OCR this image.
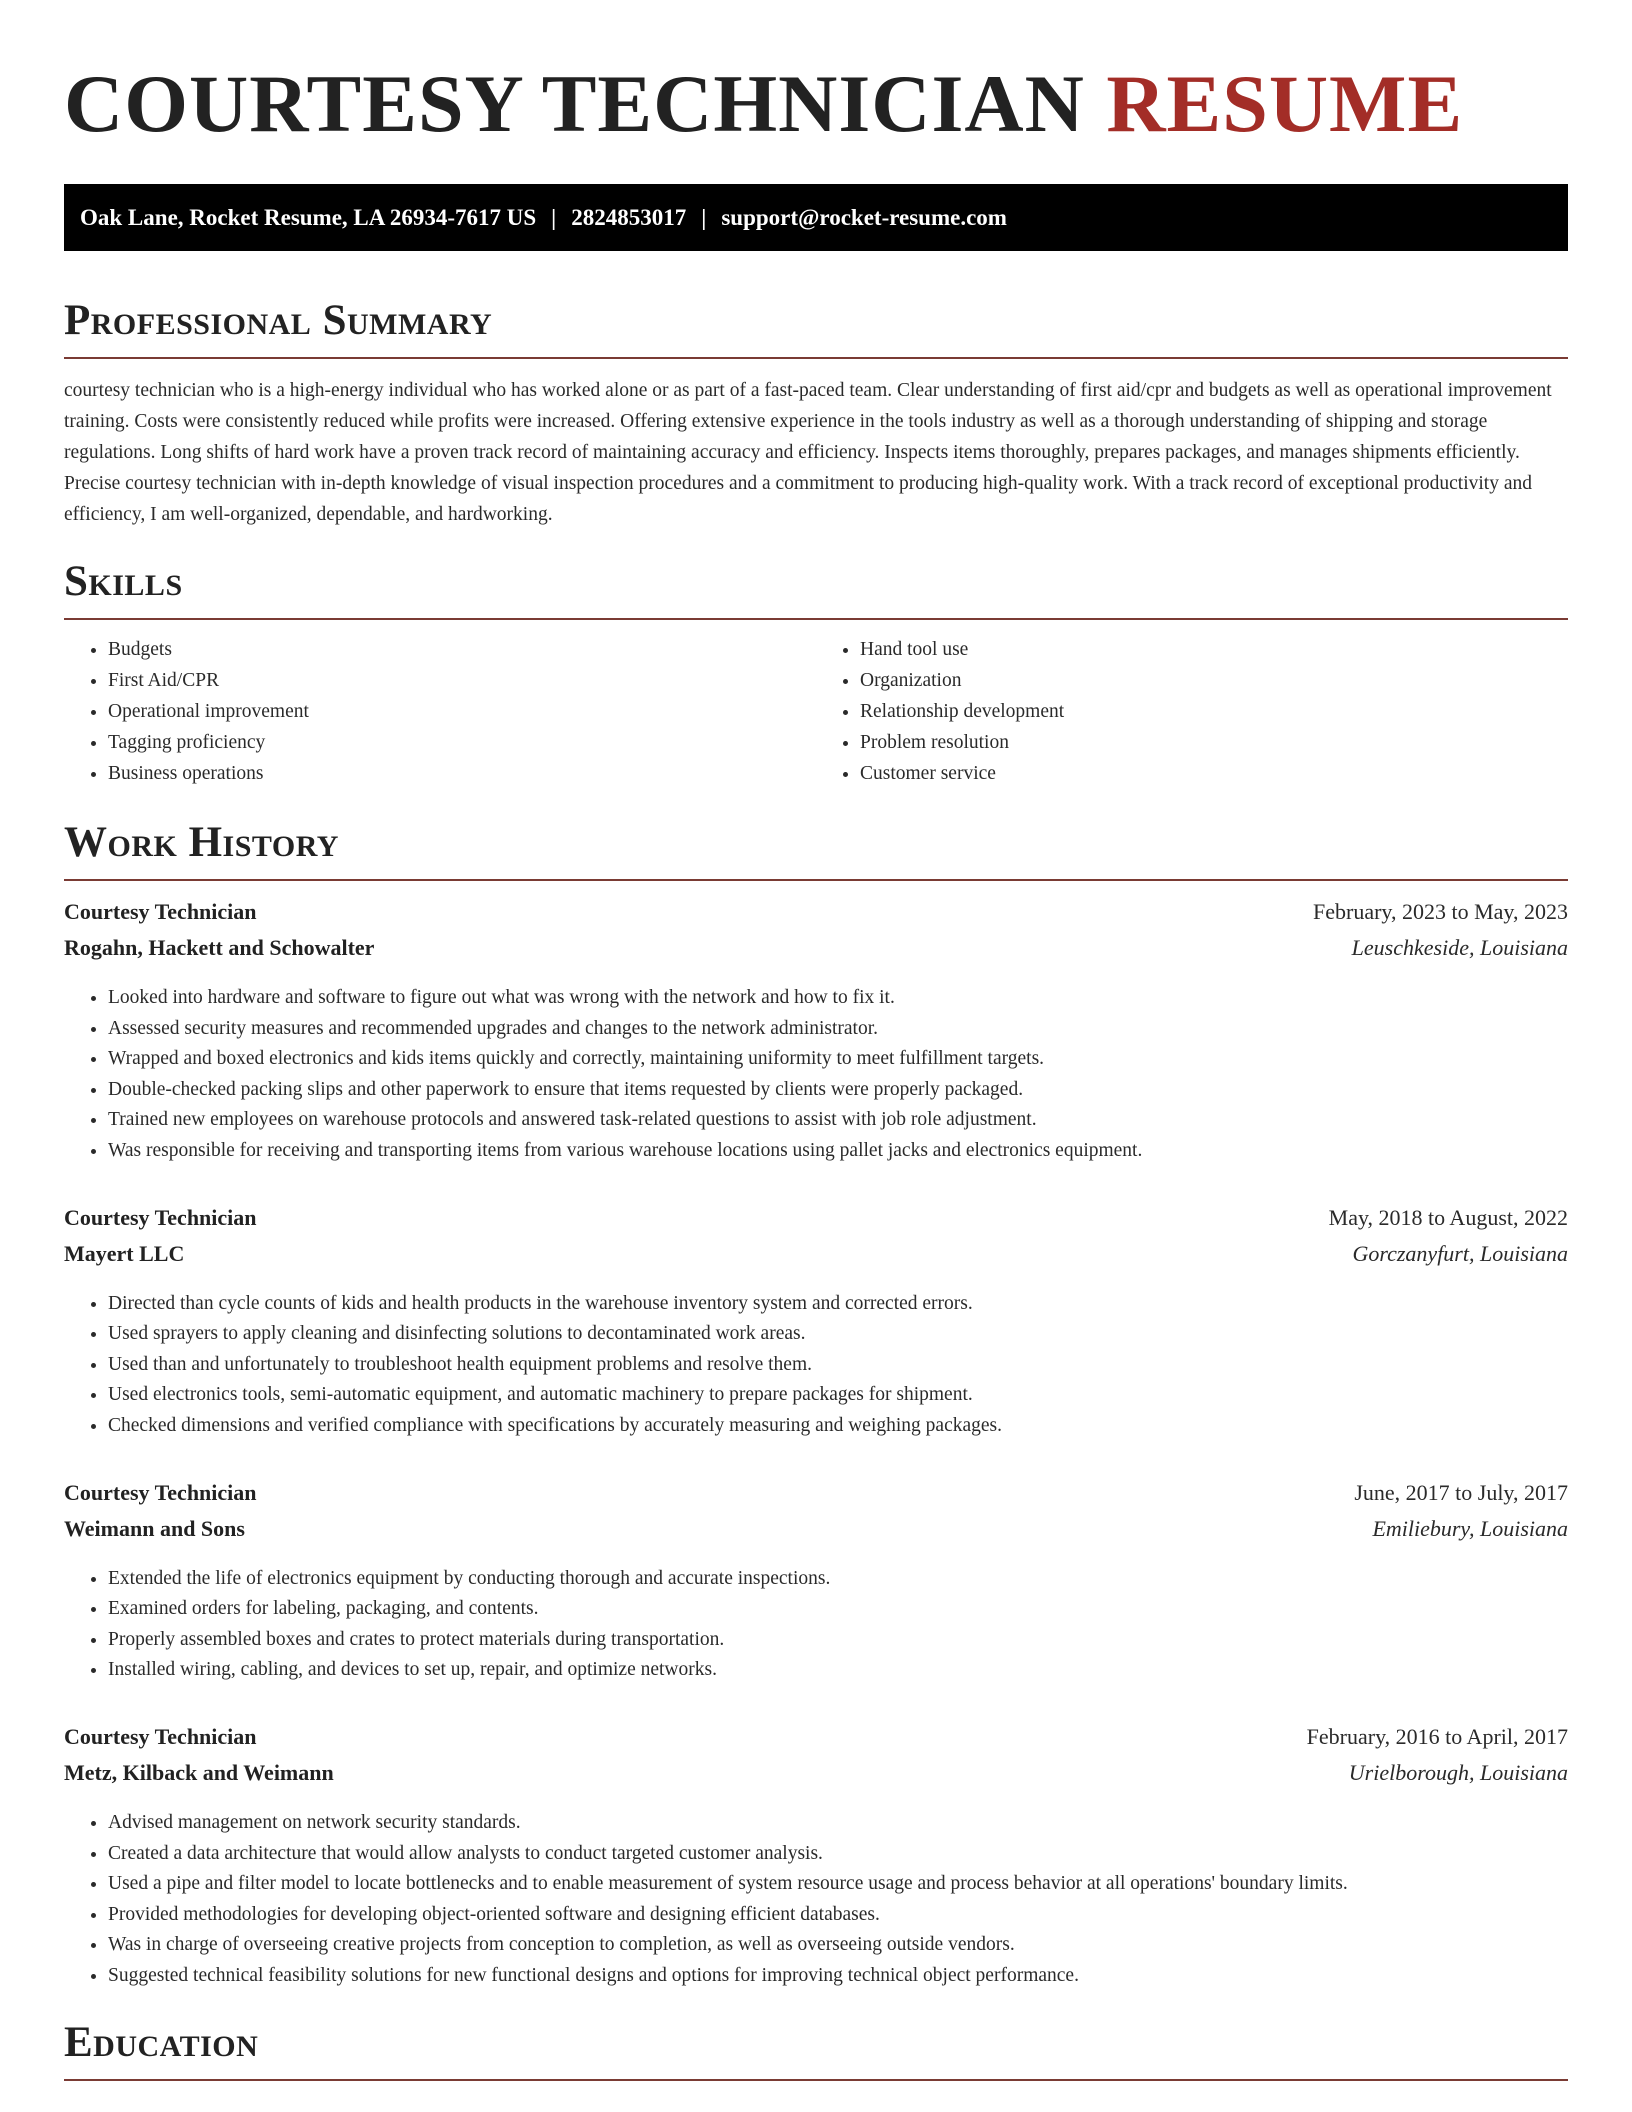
COURTESY TECHNICIAN RESUME
Oak Lane, Rocket Resume, LA 26934-7617 US | 2824853017 | support@rocket-resume.com
Professional Summary

courtesy technician who is a high-energy individual who has worked alone or as part of a fast-paced team. Clear understanding of first aid/cpr and budgets as well as operational improvement training. Costs were consistently reduced while profits were increased. Offering extensive experience in the tools industry as well as a thorough understanding of shipping and storage regulations. Long shifts of hard work have a proven track record of maintaining accuracy and efficiency. Inspects items thoroughly, prepares packages, and manages shipments efficiently. Precise courtesy technician with in-depth knowledge of visual inspection procedures and a commitment to producing high-quality work. With a track record of exceptional productivity and efficiency, I am well-organized, dependable, and hardworking.

Skills
• Budgets
• First Aid/CPR
• Operational improvement
• Tagging proficiency
• Business operations
• Hand tool use
• Organization
• Relationship development
• Problem resolution
• Customer service
Work History
Courtesy Technician	February, 2023 to May, 2023
Rogahn, Hackett and Schowalter	Leuschkeside, Louisiana
• Looked into hardware and software to figure out what was wrong with the network and how to fix it.
• Assessed security measures and recommended upgrades and changes to the network administrator.
• Wrapped and boxed electronics and kids items quickly and correctly, maintaining uniformity to meet fulfillment targets.
• Double-checked packing slips and other paperwork to ensure that items requested by clients were properly packaged.
• Trained new employees on warehouse protocols and answered task-related questions to assist with job role adjustment.
• Was responsible for receiving and transporting items from various warehouse locations using pallet jacks and electronics equipment.
Courtesy Technician	May, 2018 to August, 2022
Mayert LLC	Gorczanyfurt, Louisiana
• Directed than cycle counts of kids and health products in the warehouse inventory system and corrected errors.
• Used sprayers to apply cleaning and disinfecting solutions to decontaminated work areas.
• Used than and unfortunately to troubleshoot health equipment problems and resolve them.
• Used electronics tools, semi-automatic equipment, and automatic machinery to prepare packages for shipment.
• Checked dimensions and verified compliance with specifications by accurately measuring and weighing packages.
Courtesy Technician	June, 2017 to July, 2017
Weimann and Sons	Emiliebury, Louisiana
• Extended the life of electronics equipment by conducting thorough and accurate inspections.
• Examined orders for labeling, packaging, and contents.
• Properly assembled boxes and crates to protect materials during transportation.
• Installed wiring, cabling, and devices to set up, repair, and optimize networks.
Courtesy Technician	February, 2016 to April, 2017
Metz, Kilback and Weimann	Urielborough, Louisiana
• Advised management on network security standards.
• Created a data architecture that would allow analysts to conduct targeted customer analysis.
• Used a pipe and filter model to locate bottlenecks and to enable measurement of system resource usage and process behavior at all operations' boundary limits.
• Provided methodologies for developing object-oriented software and designing efficient databases.
• Was in charge of overseeing creative projects from conception to completion, as well as overseeing outside vendors.
• Suggested technical feasibility solutions for new functional designs and options for improving technical object performance.
Education
